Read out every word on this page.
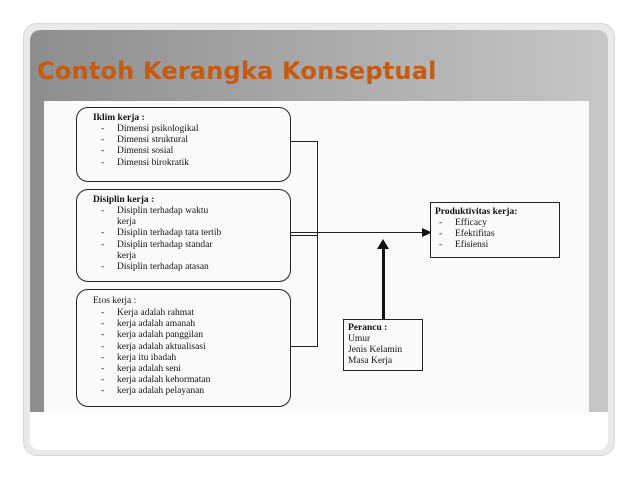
Contoh Kerangka Konseptual
Iklim kerja :
- Dimensi psikologikal
- Dimensi struktural
- Dimensi sosial
- Dimensi birokratik
Disiplin kerja :
- Disiplin terhadap waktu
kerja
- Disiplin terhadap tata tertib
- Disiplin terhadap standar
kerja
- Disiplin terhadap atasan
Etos kerja :
- Kerja adalah rahmat
- kerja adalah amanah
- kerja adalah panggilan
- kerja adalah aktualisasi
- kerja itu ibadah
- kerja adalah seni
- kerja adalah kehormatan
- kerja adalah pelayanan
Produktivitas kerja:
- Efficacy
- Efektifitas
- Efisiensi
Perancu :
Umur
Jenis Kelamin
Masa Kerja
